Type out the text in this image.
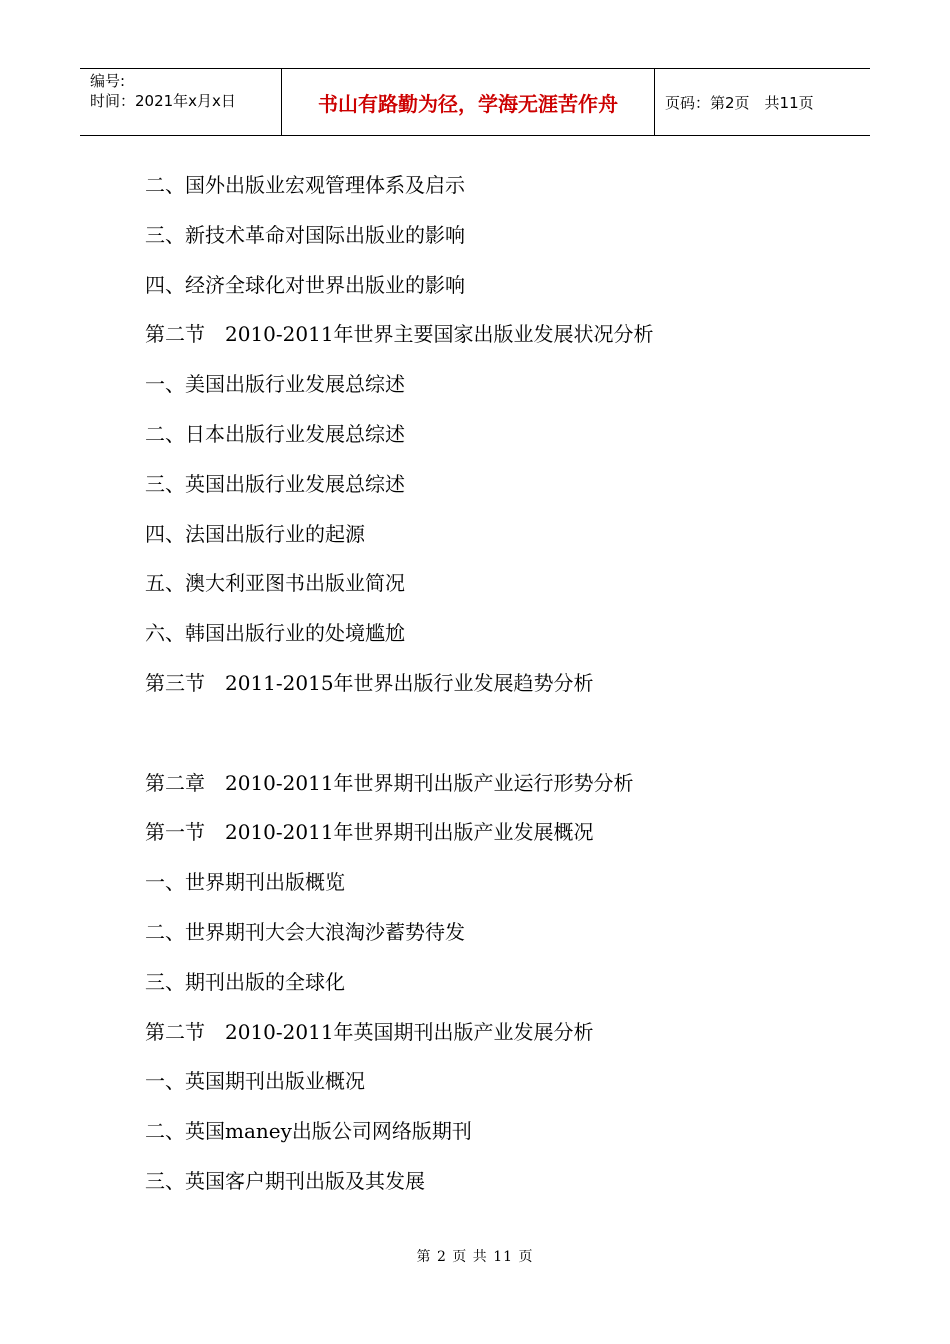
编号:
时间：2021年x月x日	书山有路勤为径，学海无涯苦作舟	页码：第2页　共11页
二、国外出版业宏观管理体系及启示
三、新技术革命对国际出版业的影响
四、经济全球化对世界出版业的影响
第二节　2010-2011年世界主要国家出版业发展状况分析
一、美国出版行业发展总综述
二、日本出版行业发展总综述
三、英国出版行业发展总综述
四、法国出版行业的起源
五、澳大利亚图书出版业简况
六、韩国出版行业的处境尴尬
第三节　2011-2015年世界出版行业发展趋势分析
第二章　2010-2011年世界期刊出版产业运行形势分析
第一节　2010-2011年世界期刊出版产业发展概况
一、世界期刊出版概览
二、世界期刊大会大浪淘沙蓄势待发
三、期刊出版的全球化
第二节　2010-2011年英国期刊出版产业发展分析
一、英国期刊出版业概况
二、英国maney出版公司网络版期刊
三、英国客户期刊出版及其发展
第 2 页 共 11 页
